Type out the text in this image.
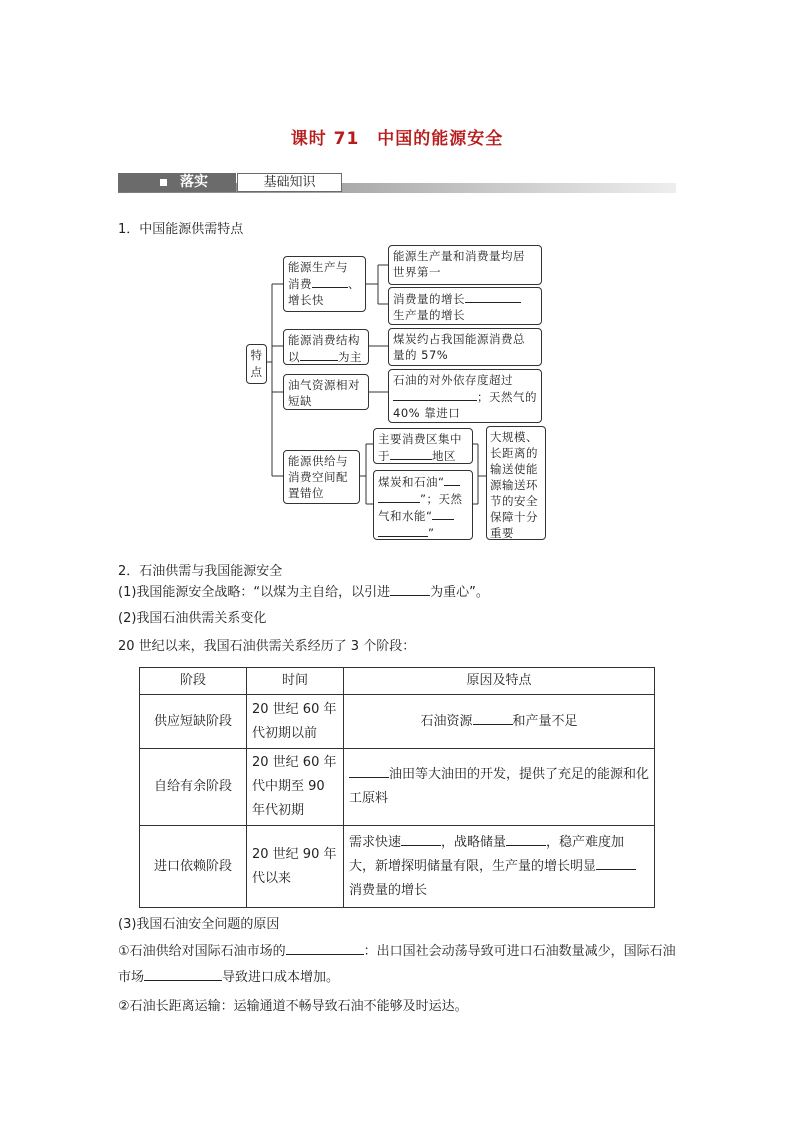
课时 71 中国的能源安全
落实	基础知识
1．中国能源供需特点
特点
能源生产与
消费	、
增长快
能源消费结构
以	为主
油气资源相对
短缺
能源供给与
消费空间配
置错位
能源生产量和消费量均居
世界第一
消费量的增长
生产量的增长
煤炭约占我国能源消费总
量的 57%
石油的对外依存度超过
；天然气的
40% 靠进口
主要消费区集中
于	地区
煤炭和石油“
”；天然
气和水能“
”
大规模、
长距离的
输送使能
源输送环
节的安全
保障十分
重要
2．石油供需与我国能源安全
(1)我国能源安全战略：“以煤为主自给，以引进	为重心”。
(2)我国石油供需关系变化
20 世纪以来，我国石油供需关系经历了 3 个阶段：
阶段	时间	原因及特点
供应短缺阶段	20 世纪 60 年代初期以前	石油资源 和产量不足
自给有余阶段	20 世纪 60 年代中期至 90 年代初期	油田等大油田的开发，提供了充足的能源和化工原料
进口依赖阶段	20 世纪 90 年代以来	需求快速 ，战略储量 ，稳产难度加大，新增探明储量有限，生产量的增长明显消费量的增长
(3)我国石油安全问题的原因
①石油供给对国际石油市场的	：出口国社会动荡导致可进口石油数量减少，国际石油市场	导致进口成本增加。
②石油长距离运输：运输通道不畅导致石油不能够及时运达。
